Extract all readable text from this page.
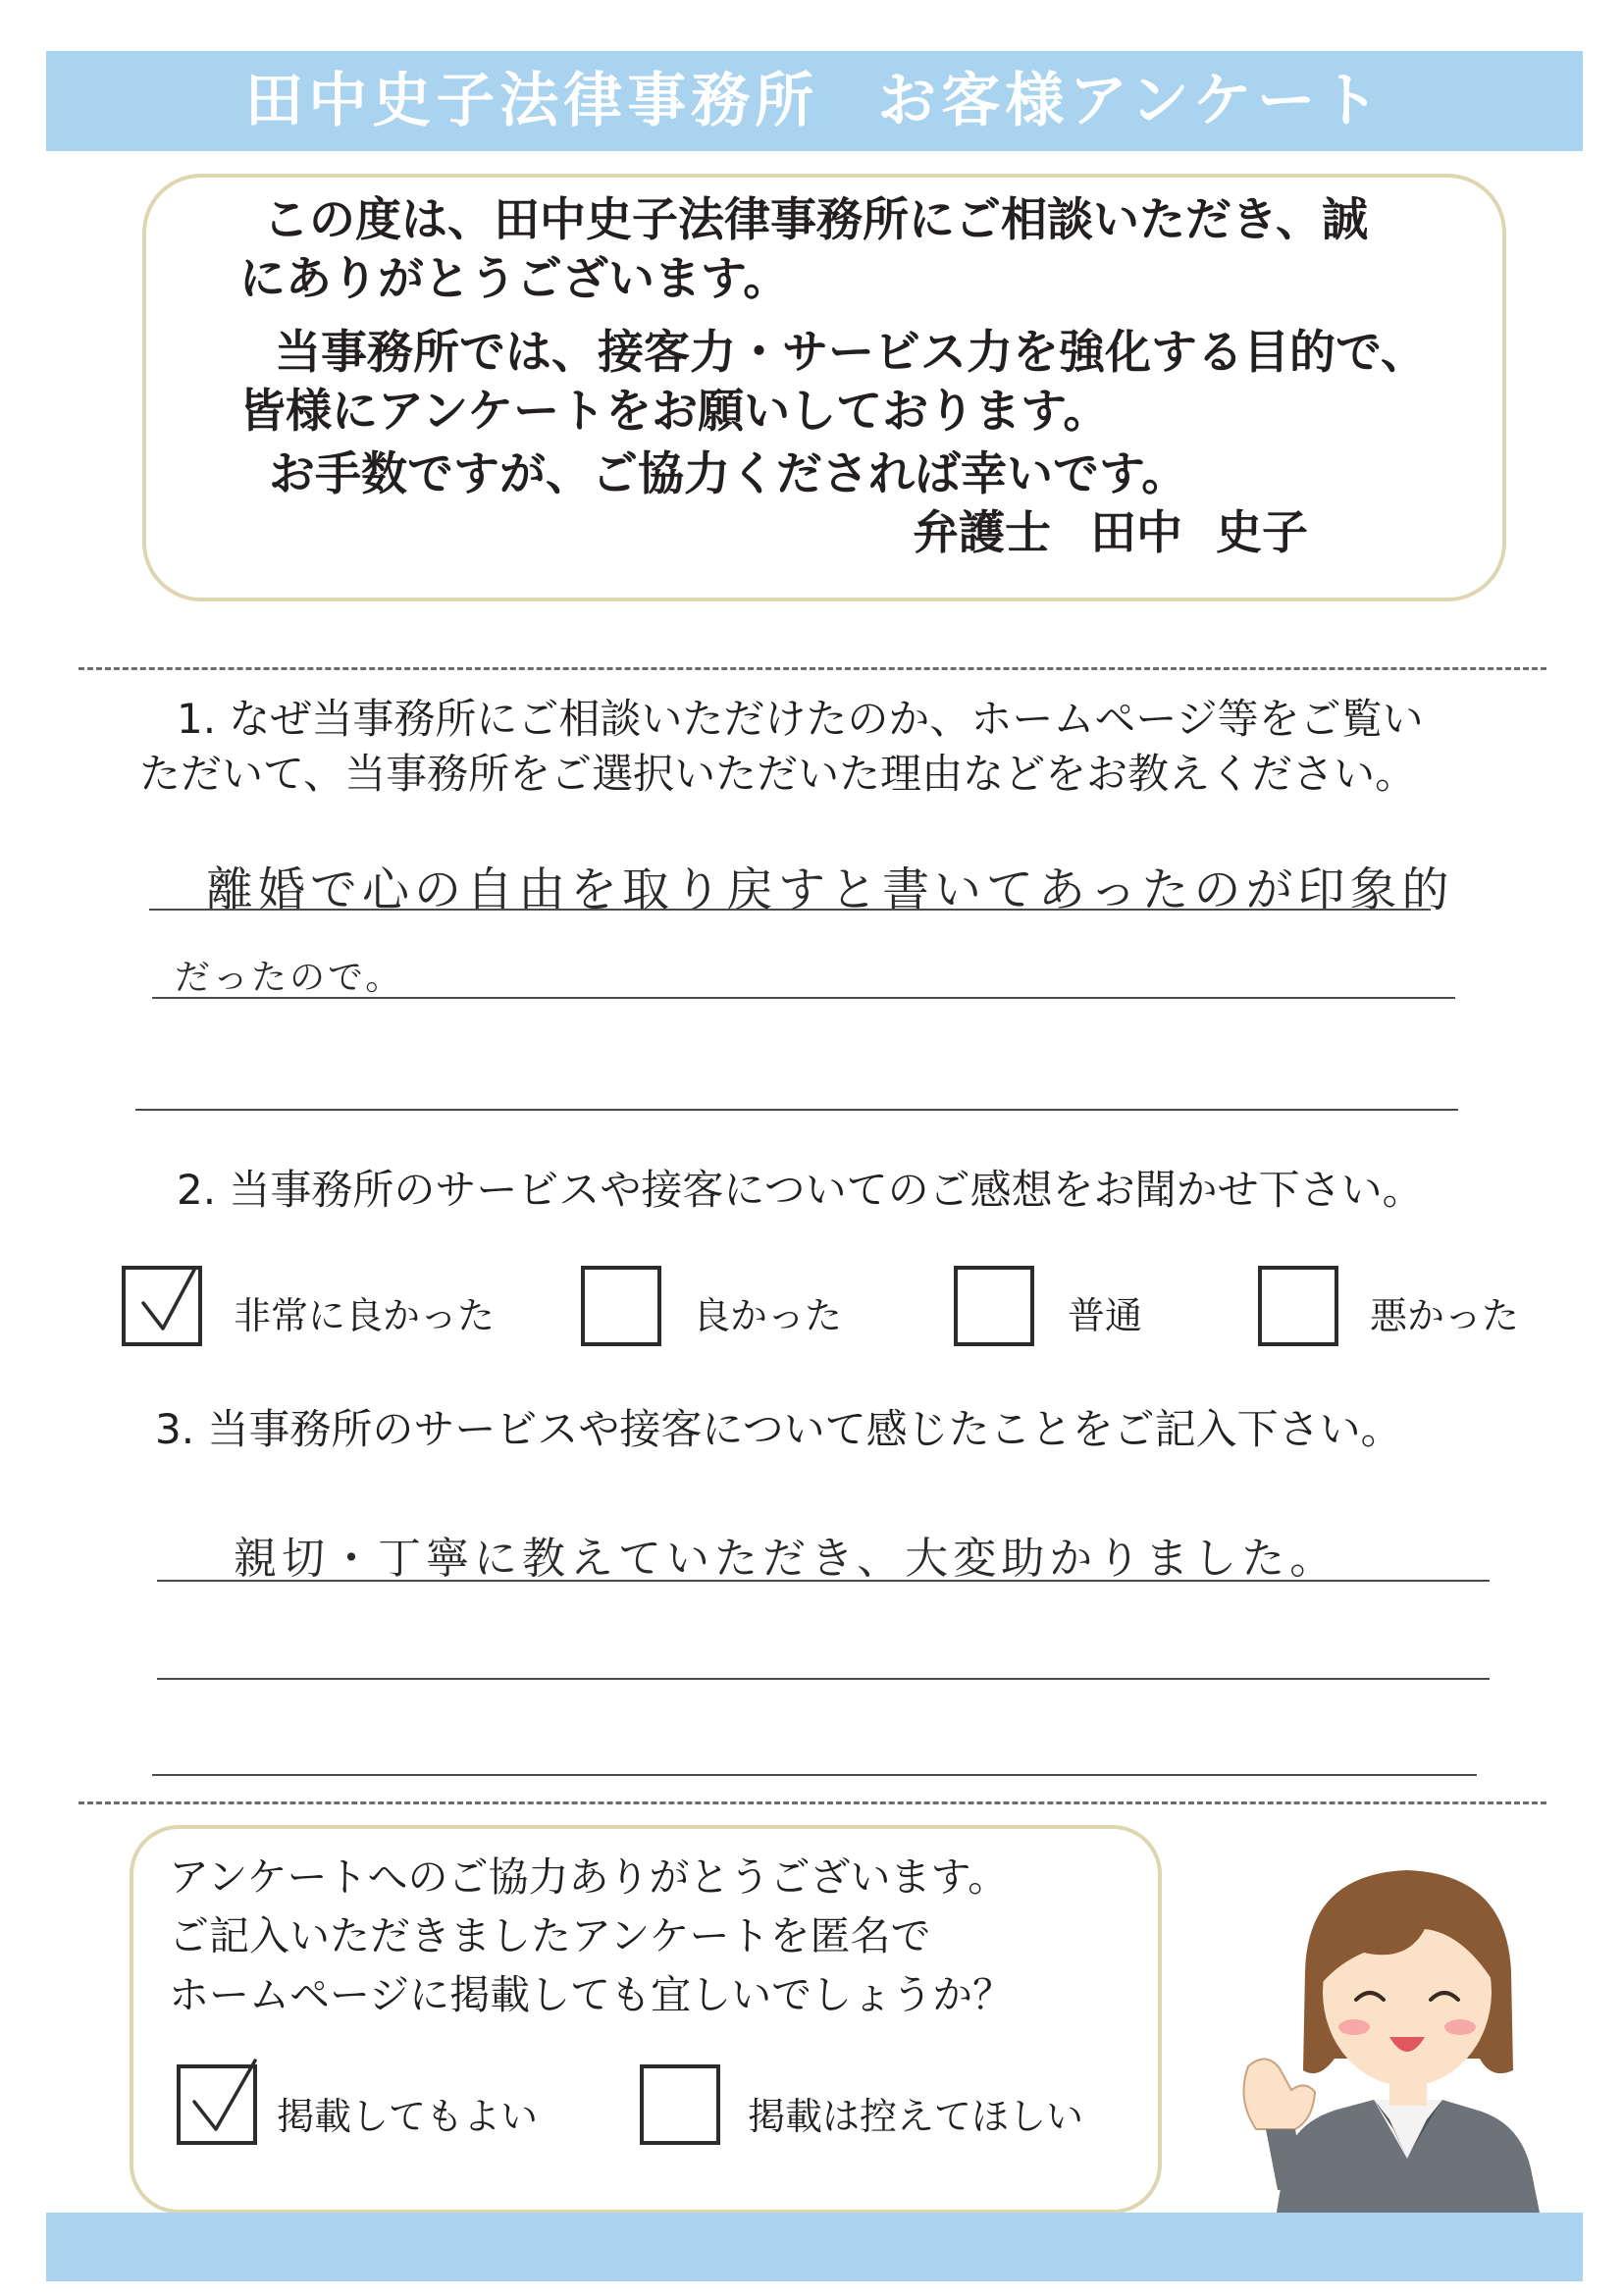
田中史子法律事務所 お客様アンケート
この度は、田中史子法律事務所にご相談いただき、誠
にありがとうございます。
当事務所では、接客力・サービス力を強化する目的で、
皆様にアンケートをお願いしております。
お手数ですが、ご協力くだされば幸いです。
弁護士 田中 史子
1. なぜ当事務所にご相談いただけたのか、ホームページ等をご覧い
ただいて、当事務所をご選択いただいた理由などをお教えください。
離婚で心の自由を取り戻すと書いてあったのが印象的
だったので。
2. 当事務所のサービスや接客についてのご感想をお聞かせ下さい。
非常に良かった	良かった	普通	悪かった
3. 当事務所のサービスや接客について感じたことをご記入下さい。
親切・丁寧に教えていただき、大変助かりました。
アンケートへのご協力ありがとうございます。
ご記入いただきましたアンケートを匿名で
ホームページに掲載しても宜しいでしょうか？
掲載してもよい	掲載は控えてほしい
